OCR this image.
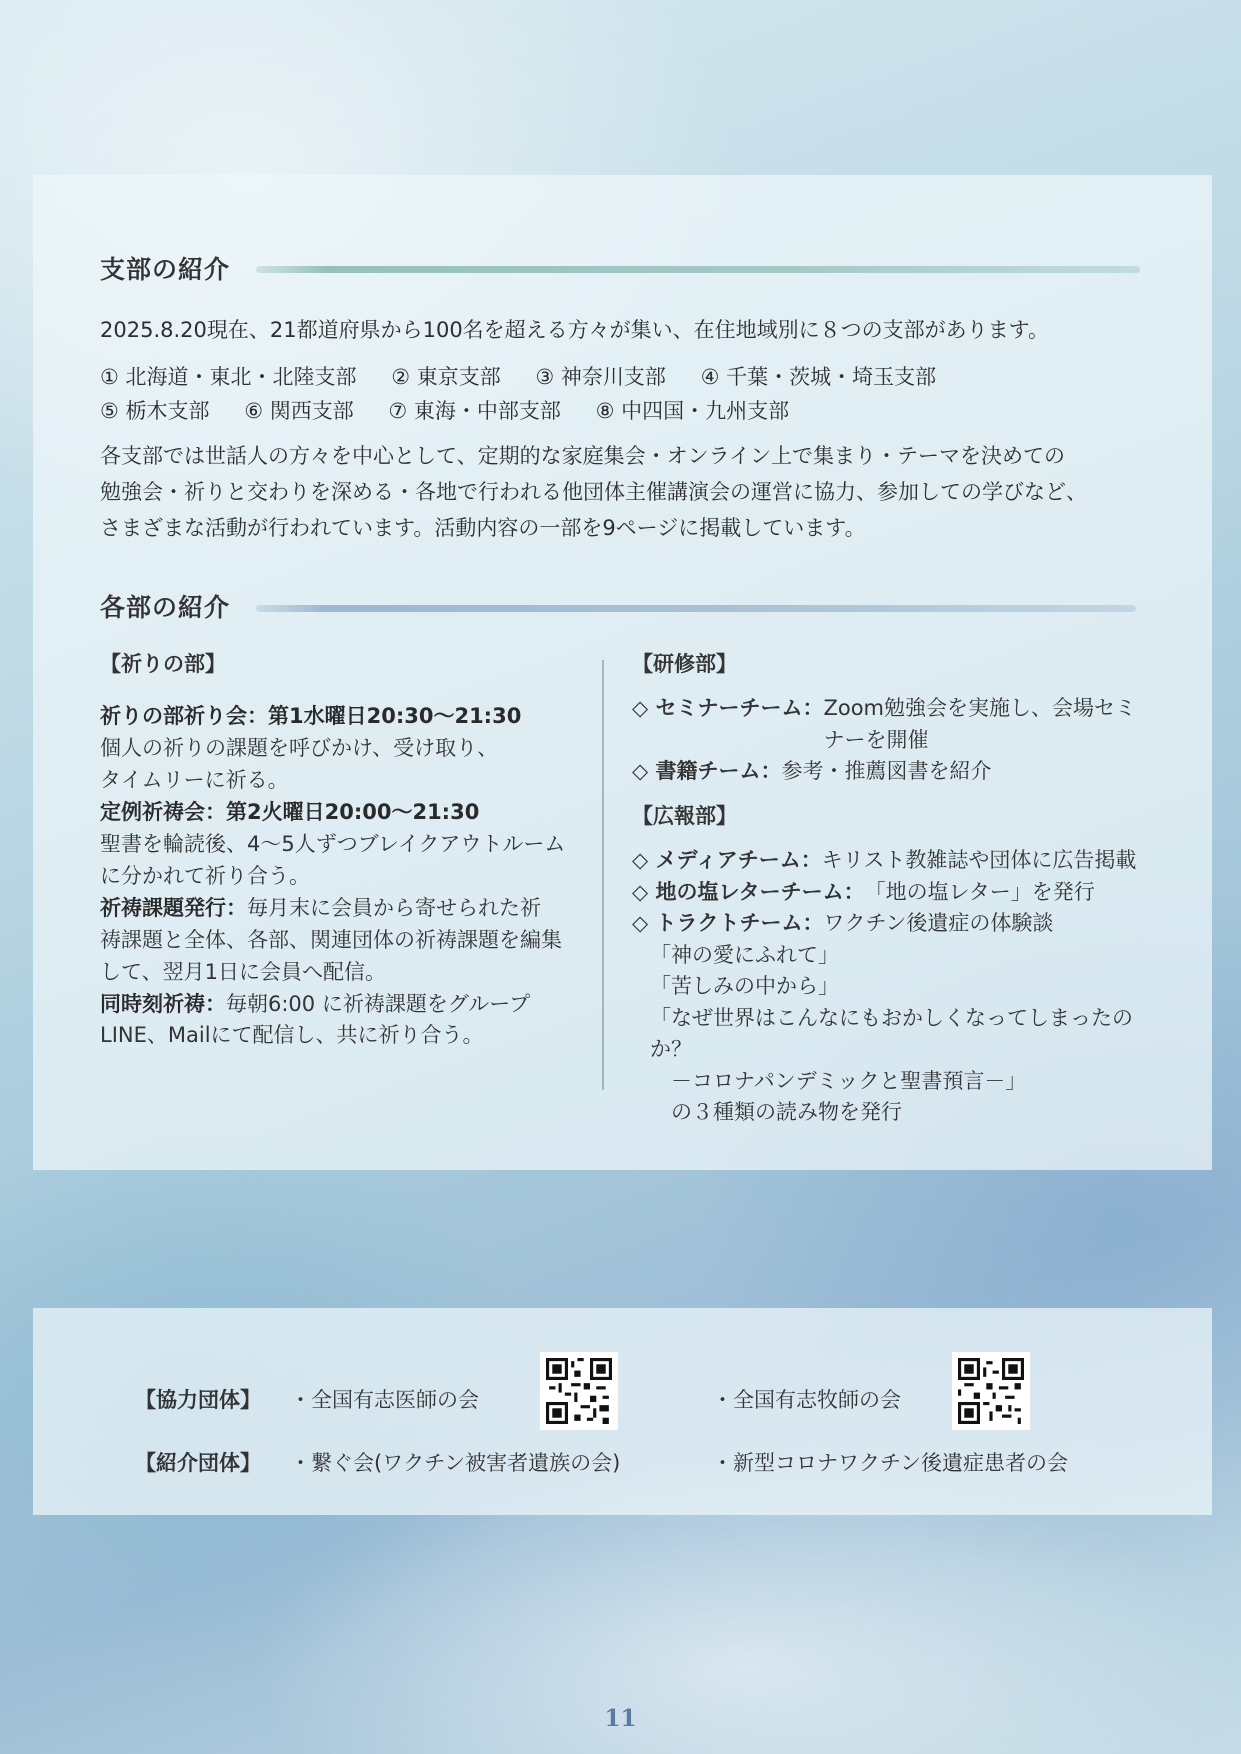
支部の紹介
2025.8.20現在、21都道府県から100名を超える方々が集い、在住地域別に８つの支部があります。
① 北海道・東北・北陸支部 ② 東京支部 ③ 神奈川支部 ④ 千葉・茨城・埼玉支部
⑤ 栃木支部 ⑥ 関西支部 ⑦ 東海・中部支部 ⑧ 中四国・九州支部
各支部では世話人の方々を中心として、定期的な家庭集会・オンライン上で集まり・テーマを決めての
勉強会・祈りと交わりを深める・各地で行われる他団体主催講演会の運営に協力、参加しての学びなど、
さまざまな活動が行われています。活動内容の一部を9ページに掲載しています。
各部の紹介
【祈りの部】
祈りの部祈り会：第1水曜日20:30〜21:30
個人の祈りの課題を呼びかけ、受け取り、
タイムリーに祈る。
定例祈祷会：第2火曜日20:00〜21:30
聖書を輪読後、4〜5人ずつブレイクアウトルーム
に分かれて祈り合う。
祈祷課題発行：毎月末に会員から寄せられた祈
祷課題と全体、各部、関連団体の祈祷課題を編集
して、翌月1日に会員へ配信。
同時刻祈祷：毎朝6:00 に祈祷課題をグループ
LINE、Mailにて配信し、共に祈り合う。
【研修部】
◇ セミナーチーム： Zoom勉強会を実施し、会場セミナーを開催
◇ 書籍チーム： 参考・推薦図書を紹介
【広報部】
◇ メディアチーム： キリスト教雑誌や団体に広告掲載
◇ 地の塩レターチーム： 「地の塩レター」を発行
◇ トラクトチーム： ワクチン後遺症の体験談
「神の愛にふれて」
「苦しみの中から」
「なぜ世界はこんなにもおかしくなってしまったのか？
　－コロナパンデミックと聖書預言－」
　の３種類の読み物を発行
【協力団体】 ・全国有志医師の会	・全国有志牧師の会
【紹介団体】 ・繋ぐ会(ワクチン被害者遺族の会)	・新型コロナワクチン後遺症患者の会
11
